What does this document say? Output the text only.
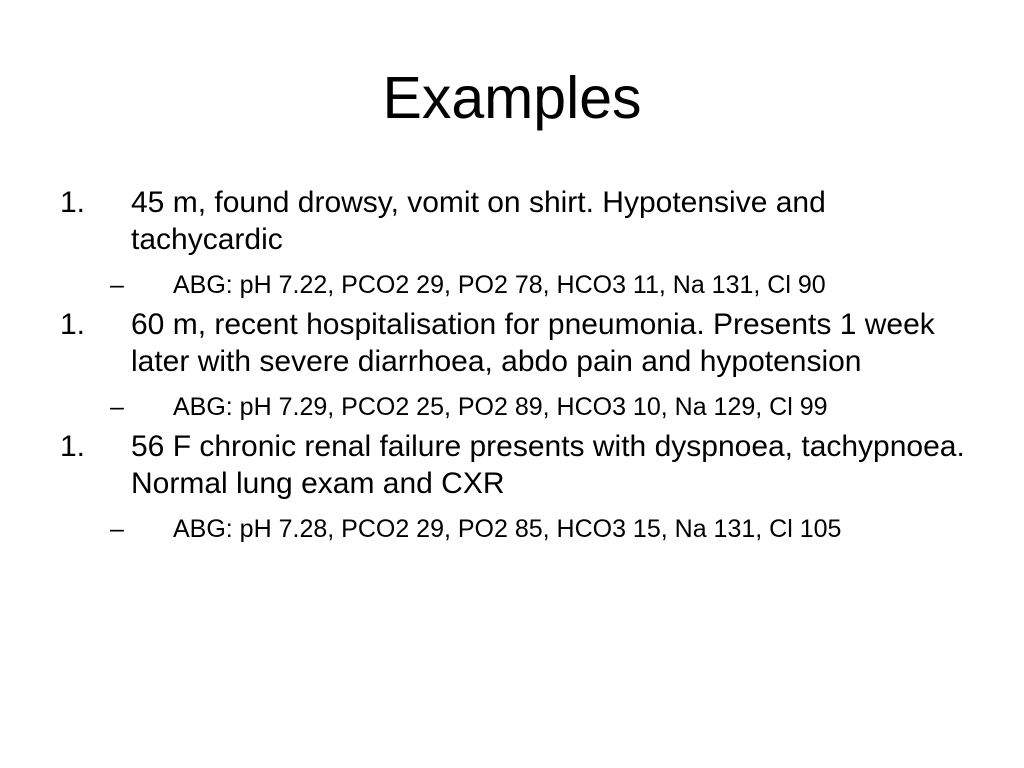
Examples
1. 45 m, found drowsy, vomit on shirt. Hypotensive and tachycardic
– ABG: pH 7.22, PCO2 29, PO2 78, HCO3 11, Na 131, Cl 90
1. 60 m, recent hospitalisation for pneumonia. Presents 1 week later with severe diarrhoea, abdo pain and hypotension
– ABG: pH 7.29, PCO2 25, PO2 89, HCO3 10, Na 129, Cl 99
1. 56 F chronic renal failure presents with dyspnoea, tachypnoea. Normal lung exam and CXR
– ABG: pH 7.28, PCO2 29, PO2 85, HCO3 15, Na 131, Cl 105
